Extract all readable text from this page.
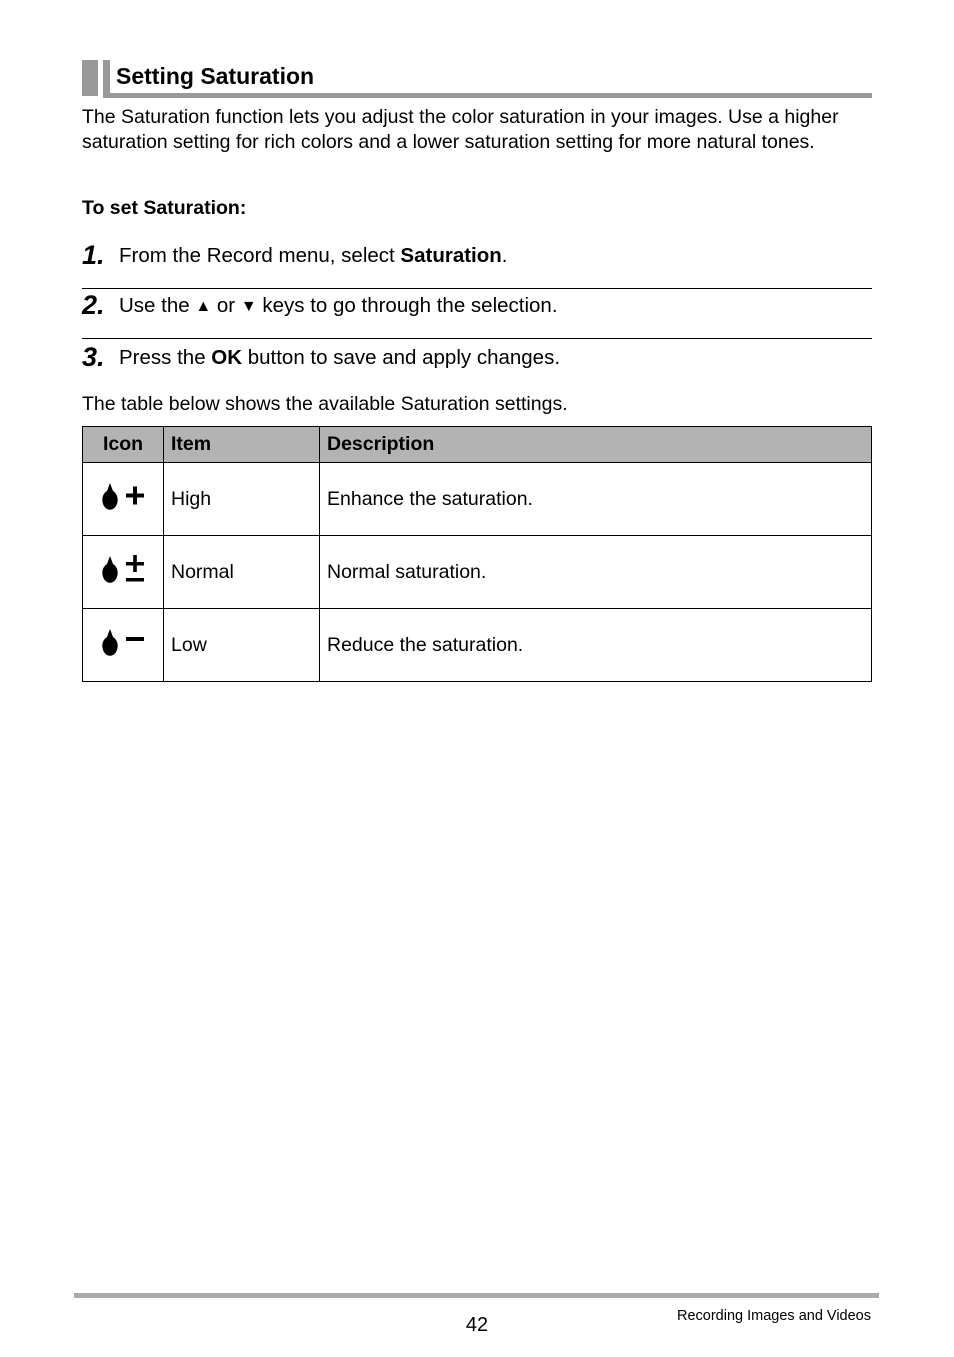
Setting Saturation

The Saturation function lets you adjust the color saturation in your images. Use a higher saturation setting for rich colors and a lower saturation setting for more natural tones.

To set Saturation:
1. From the Record menu, select Saturation.
2. Use the ▲ or ▼ keys to go through the selection.
3. Press the OK button to save and apply changes.
The table below shows the available Saturation settings.
Icon	Item	Description
	High	Enhance the saturation.
	Normal	Normal saturation.
	Low	Reduce the saturation.
42	Recording Images and Videos
